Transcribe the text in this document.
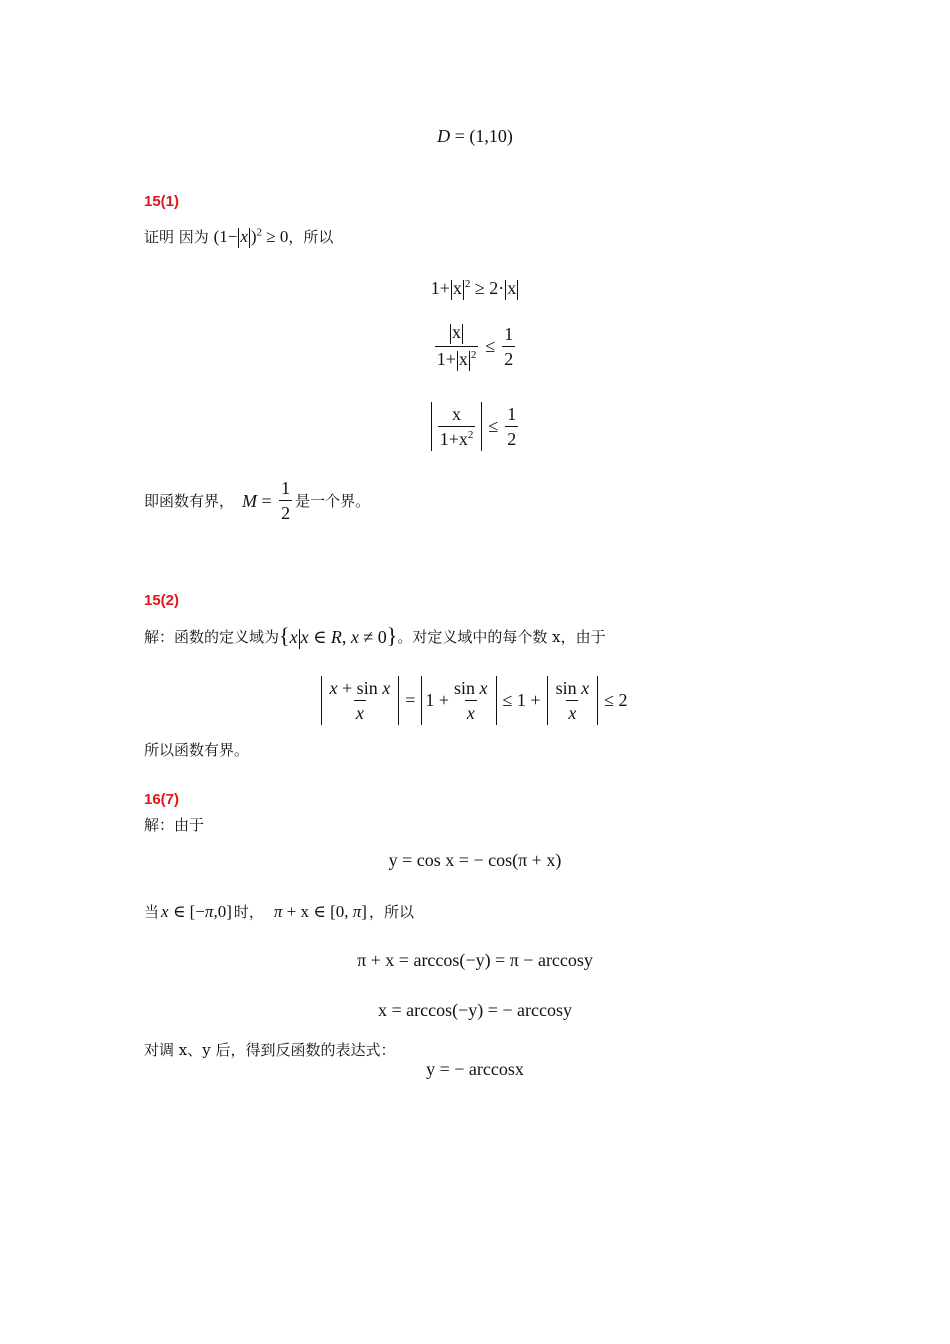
D = (1,10)
15(1)
证明 因为 (1− x )$^2$ ≥ 0，所以
1+ x $^2$ ≥ 2· x
$\frac{x}{1+ x ^2} \le \frac{1}{2}$
$\frac{x}{1+x^2} \le \frac{1}{2}$
即函数有界， $M = \frac{1}{2}$ 是一个界。
15(2)
解：函数的定义域为 {x x ∈ R, x ≠ 0} 。对定义域中的每个数 x，由于
$\frac{\text{x + sin x}}{x} = 1 + \frac{\text{sin x}}{x} \le 1 + \frac{\text{sin x}}{x} \le 2$
所以函数有界。
16(7)
解：由于
y = cos x = − cos(π + x)
当 x ∈ [−π,0] 时， π + x ∈ [0, π] ，所以
π + x = arccos(−y) = π − arccosy
x = arccos(−y) = − arccosy
对调 x、y 后，得到反函数的表达式：
y = − arccosx
